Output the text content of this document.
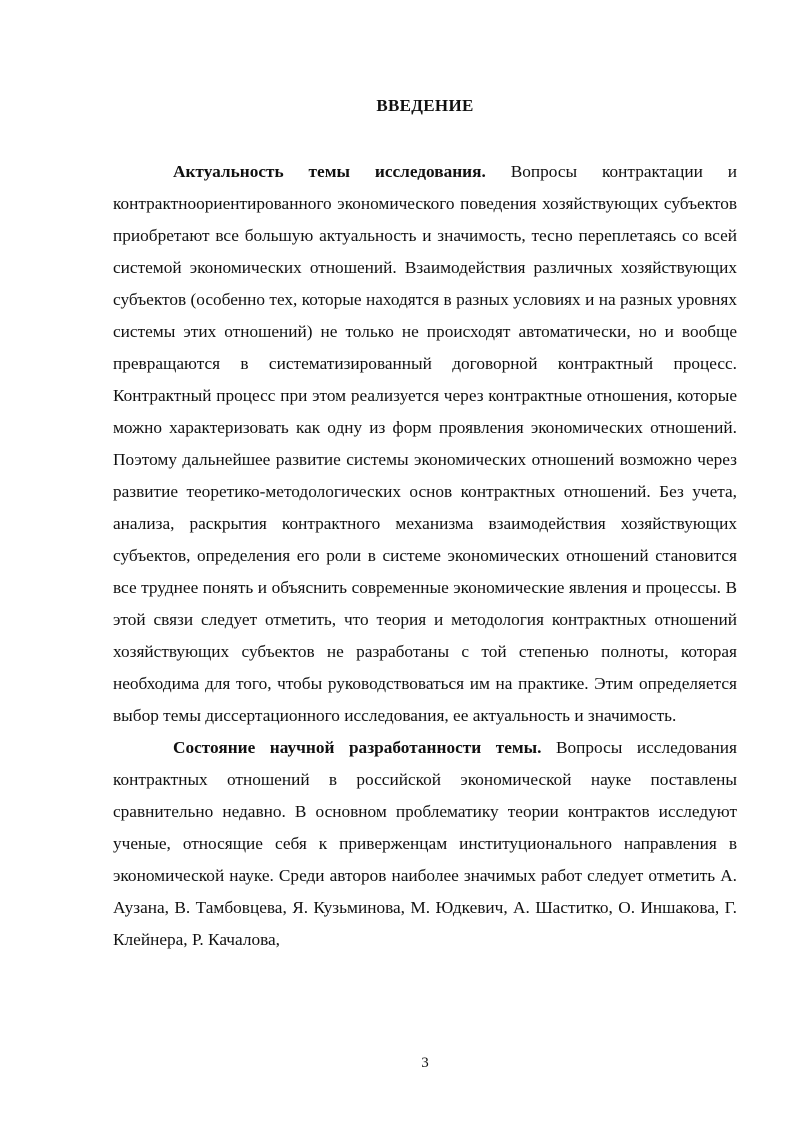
ВВЕДЕНИЕ

Актуальность темы исследования. Вопросы контрактации и контрактноориентированного экономического поведения хозяйствующих субъектов приобретают все большую актуальность и значимость, тесно переплетаясь со всей системой экономических отношений. Взаимодействия различных хозяйствующих субъектов (особенно тех, которые находятся в разных условиях и на разных уровнях системы этих отношений) не только не происходят автоматически, но и вообще превращаются в систематизированный договорной контрактный процесс. Контрактный процесс при этом реализуется через контрактные отношения, которые можно характеризовать как одну из форм проявления экономических отношений. Поэтому дальнейшее развитие системы экономических отношений возможно через развитие теоретико-методологических основ контрактных отношений. Без учета, анализа, раскрытия контрактного механизма взаимодействия хозяйствующих субъектов, определения его роли в системе экономических отношений становится все труднее понять и объяснить современные экономические явления и процессы. В этой связи следует отметить, что теория и методология контрактных отношений хозяйствующих субъектов не разработаны с той степенью полноты, которая необходима для того, чтобы руководствоваться им на практике. Этим определяется выбор темы диссертационного исследования, ее актуальность и значимость.

Состояние научной разработанности темы. Вопросы исследования контрактных отношений в российской экономической науке поставлены сравнительно недавно. В основном проблематику теории контрактов исследуют ученые, относящие себя к приверженцам институционального направления в экономической науке. Среди авторов наиболее значимых работ следует отметить А. Аузана, В. Тамбовцева, Я. Кузьминова, М. Юдкевич, А. Шаститко, О. Иншакова, Г. Клейнера, Р. Качалова,

3
